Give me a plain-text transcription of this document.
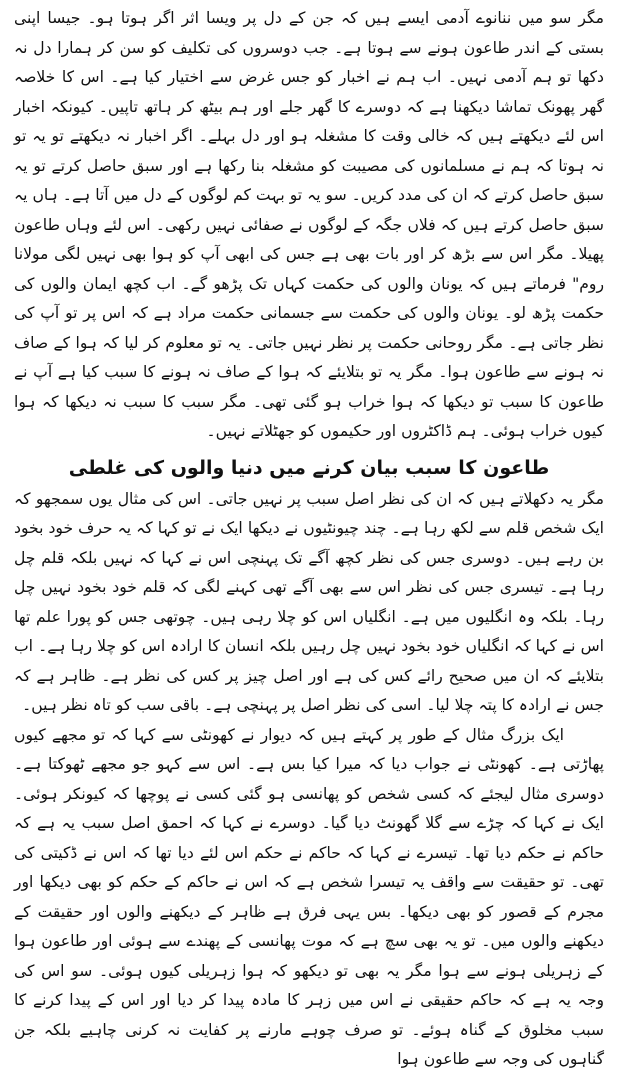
مگر سو میں ننانوے آدمی ایسے ہیں کہ جن کے دل پر ویسا اثر اگر ہوتا ہو۔ جیسا اپنی بستی کے اندر طاعون ہونے سے ہوتا ہے۔ جب دوسروں کی تکلیف کو سن کر ہمارا دل نہ دکھا تو ہم آدمی نہیں۔ اب ہم نے اخبار کو جس غرض سے اختیار کیا ہے۔ اس کا خلاصہ گھر پھونک تماشا دیکھنا ہے کہ دوسرے کا گھر جلے اور ہم بیٹھ کر ہاتھ تاپیں۔ کیونکہ اخبار اس لئے دیکھتے ہیں کہ خالی وقت کا مشغلہ ہو اور دل بہلے۔ اگر اخبار نہ دیکھتے تو یہ تو نہ ہوتا کہ ہم نے مسلمانوں کی مصیبت کو مشغلہ بنا رکھا ہے اور سبق حاصل کرتے تو یہ سبق حاصل کرتے کہ ان کی مدد کریں۔ سو یہ تو بہت کم لوگوں کے دل میں آتا ہے۔ ہاں یہ سبق حاصل کرتے ہیں کہ فلاں جگہ کے لوگوں نے صفائی نہیں رکھی۔ اس لئے وہاں طاعون پھیلا۔ مگر اس سے بڑھ کر اور بات بھی ہے جس کی ابھی آپ کو ہوا بھی نہیں لگی مولانا روم" فرماتے ہیں کہ یونان والوں کی حکمت کہاں تک پڑھو گے۔ اب کچھ ایمان والوں کی حکمت پڑھ لو۔ یونان والوں کی حکمت سے جسمانی حکمت مراد ہے کہ اس پر تو آپ کی نظر جاتی ہے۔ مگر روحانی حکمت پر نظر نہیں جاتی۔ یہ تو معلوم کر لیا کہ ہوا کے صاف نہ ہونے سے طاعون ہوا۔ مگر یہ تو بتلایئے کہ ہوا کے صاف نہ ہونے کا سبب کیا ہے آپ نے طاعون کا سبب تو دیکھا کہ ہوا خراب ہو گئی تھی۔ مگر سبب کا سبب نہ دیکھا کہ ہوا کیوں خراب ہوئی۔ ہم ڈاکٹروں اور حکیموں کو جھٹلاتے نہیں۔

طاعون کا سبب بیان کرنے میں دنیا والوں کی غلطی

مگر یہ دکھلاتے ہیں کہ ان کی نظر اصل سبب پر نہیں جاتی۔ اس کی مثال یوں سمجھو کہ ایک شخص قلم سے لکھ رہا ہے۔ چند چیونٹیوں نے دیکھا ایک نے تو کہا کہ یہ حرف خود بخود بن رہے ہیں۔ دوسری جس کی نظر کچھ آگے تک پہنچی اس نے کہا کہ نہیں بلکہ قلم چل رہا ہے۔ تیسری جس کی نظر اس سے بھی آگے تھی کہنے لگی کہ قلم خود بخود نہیں چل رہا۔ بلکہ وہ انگلیوں میں ہے۔ انگلیاں اس کو چلا رہی ہیں۔ چوتھی جس کو پورا علم تھا اس نے کہا کہ انگلیاں خود بخود نہیں چل رہیں بلکہ انسان کا ارادہ اس کو چلا رہا ہے۔ اب بتلایئے کہ ان میں صحیح رائے کس کی ہے اور اصل چیز پر کس کی نظر ہے۔ ظاہر ہے کہ جس نے ارادہ کا پتہ چلا لیا۔ اسی کی نظر اصل پر پہنچی ہے۔ باقی سب کو تاہ نظر ہیں۔

ایک بزرگ مثال کے طور پر کہتے ہیں کہ دیوار نے کھونٹی سے کہا کہ تو مجھے کیوں پھاڑتی ہے۔ کھونٹی نے جواب دیا کہ میرا کیا بس ہے۔ اس سے کہو جو مجھے ٹھوکتا ہے۔ دوسری مثال لیجئے کہ کسی شخص کو پھانسی ہو گئی کسی نے پوچھا کہ کیونکر ہوئی۔ ایک نے کہا کہ چڑے سے گلا گھونٹ دیا گیا۔ دوسرے نے کہا کہ احمق اصل سبب یہ ہے کہ حاکم نے حکم دیا تھا۔ تیسرے نے کہا کہ حاکم نے حکم اس لئے دیا تھا کہ اس نے ڈکیتی کی تھی۔ تو حقیقت سے واقف یہ تیسرا شخص ہے کہ اس نے حاکم کے حکم کو بھی دیکھا اور مجرم کے قصور کو بھی دیکھا۔ بس یہی فرق ہے ظاہر کے دیکھنے والوں اور حقیقت کے دیکھنے والوں میں۔ تو یہ بھی سچ ہے کہ موت پھانسی کے پھندے سے ہوئی اور طاعون ہوا کے زہریلی ہونے سے ہوا مگر یہ بھی تو دیکھو کہ ہوا زہریلی کیوں ہوئی۔ سو اس کی وجہ یہ ہے کہ حاکم حقیقی نے اس میں زہر کا مادہ پیدا کر دیا اور اس کے پیدا کرنے کا سبب مخلوق کے گناہ ہوئے۔ تو صرف چوہے مارنے پر کفایت نہ کرنی چاہیے بلکہ جن گناہوں کی وجہ سے طاعون ہوا
